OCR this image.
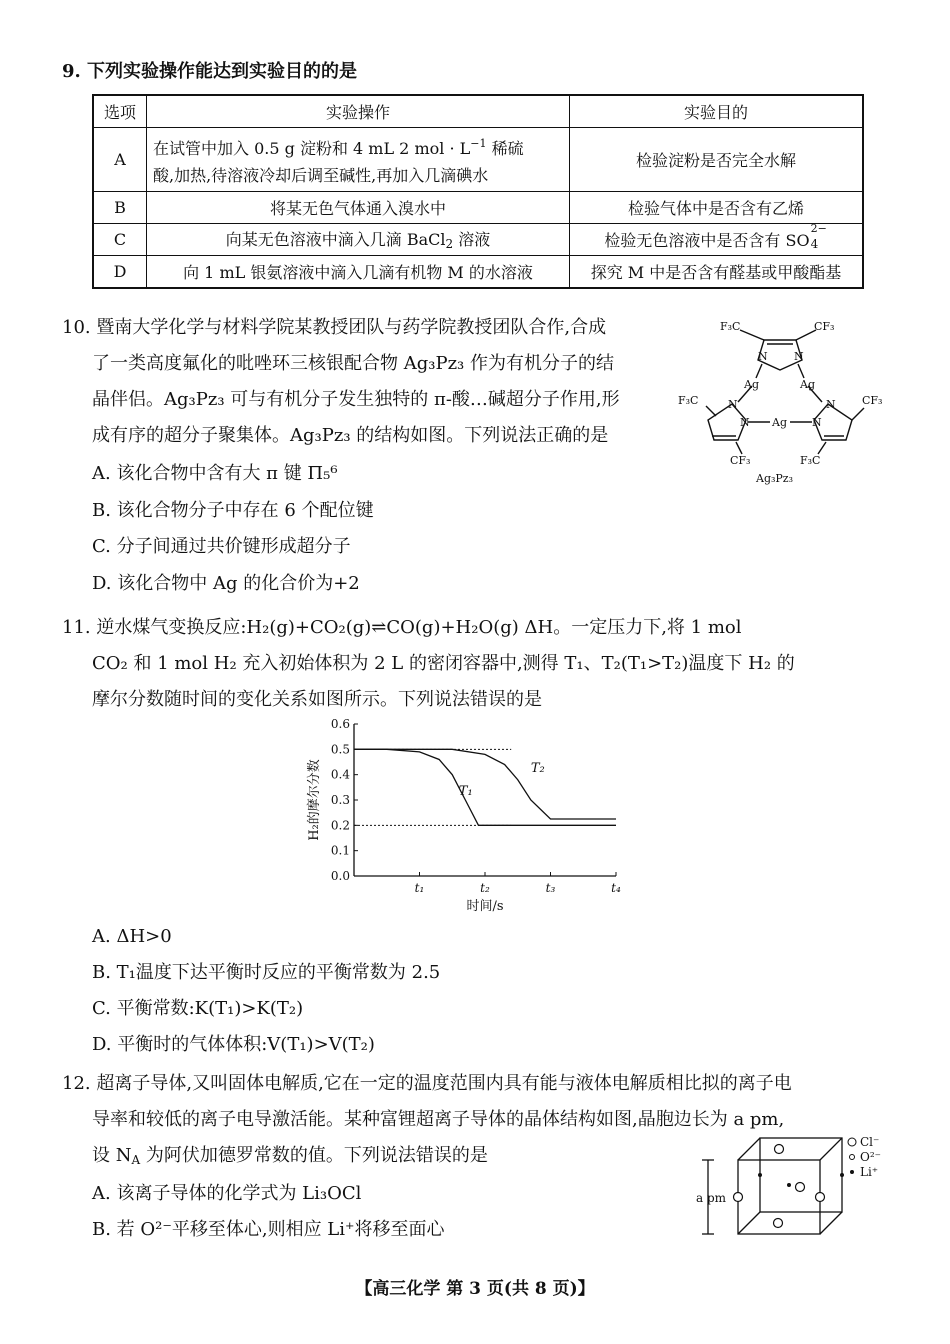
9. 下列实验操作能达到实验目的的是
选项	实验操作	实验目的
A	在试管中加入 0.5 g 淀粉和 4 mL 2 mol · $L^{-1}$ 稀硫
酸,加热,待溶液冷却后调至碱性,再加入几滴碘水	检验淀粉是否完全水解
B	将某无色气体通入溴水中	检验气体中是否含有乙烯
C	向某无色溶液中滴入几滴 BaCl$_2$ 溶液	检验无色溶液中是否含有 SO
2−
4

D	向 1 mL 银氨溶液中滴入几滴有机物 M 的水溶液	探究 M 中是否含有醛基或甲酸酯基
10. 暨南大学化学与材料学院某教授团队与药学院教授团队合作,合成
了一类高度氟化的吡唑环三核银配合物 Ag₃Pz₃ 作为有机分子的结
晶伴侣。Ag₃Pz₃ 可与有机分子发生独特的 π-酸…碱超分子作用,形
成有序的超分子聚集体。Ag₃Pz₃ 的结构如图。下列说法正确的是
A. 该化合物中含有大 π 键 Π₅⁶
B. 该化合物分子中存在 6 个配位键
C. 分子间通过共价键形成超分子
D. 该化合物中 Ag 的化合价为+2
F₃C	CF₃
N N
Ag	Ag
F₃C	CF₃
N	N
N	N
Ag
CF₃	F₃C
Ag₃Pz₃
11. 逆水煤气变换反应:H₂(g)+CO₂(g)⇌CO(g)+H₂O(g) ΔH。一定压力下,将 1 mol
CO₂ 和 1 mol H₂ 充入初始体积为 2 L 的密闭容器中,测得 T₁、T₂(T₁>T₂)温度下 H₂ 的
摩尔分数随时间的变化关系如图所示。下列说法错误的是
0.0
0.1
0.2
0.3
0.4
0.5
0.6
t₁	t₂	t₃	t₄
T₁
T₂
时间/s
H₂的摩尔分数
A. ΔH>0
B. T₁温度下达平衡时反应的平衡常数为 2.5
C. 平衡常数:K(T₁)>K(T₂)
D. 平衡时的气体体积:V(T₁)>V(T₂)
12. 超离子导体,又叫固体电解质,它在一定的温度范围内具有能与液体电解质相比拟的离子电
导率和较低的离子电导激活能。某种富锂超离子导体的晶体结构如图,晶胞边长为 a pm,
设 $N_A$ 为阿伏加德罗常数的值。下列说法错误的是
A. 该离子导体的化学式为 Li₃OCl
B. 若 O²⁻平移至体心,则相应 Li⁺将移至面心
a pm
Cl⁻
O²⁻
Li⁺
【高三化学 第 3 页(共 8 页)】
